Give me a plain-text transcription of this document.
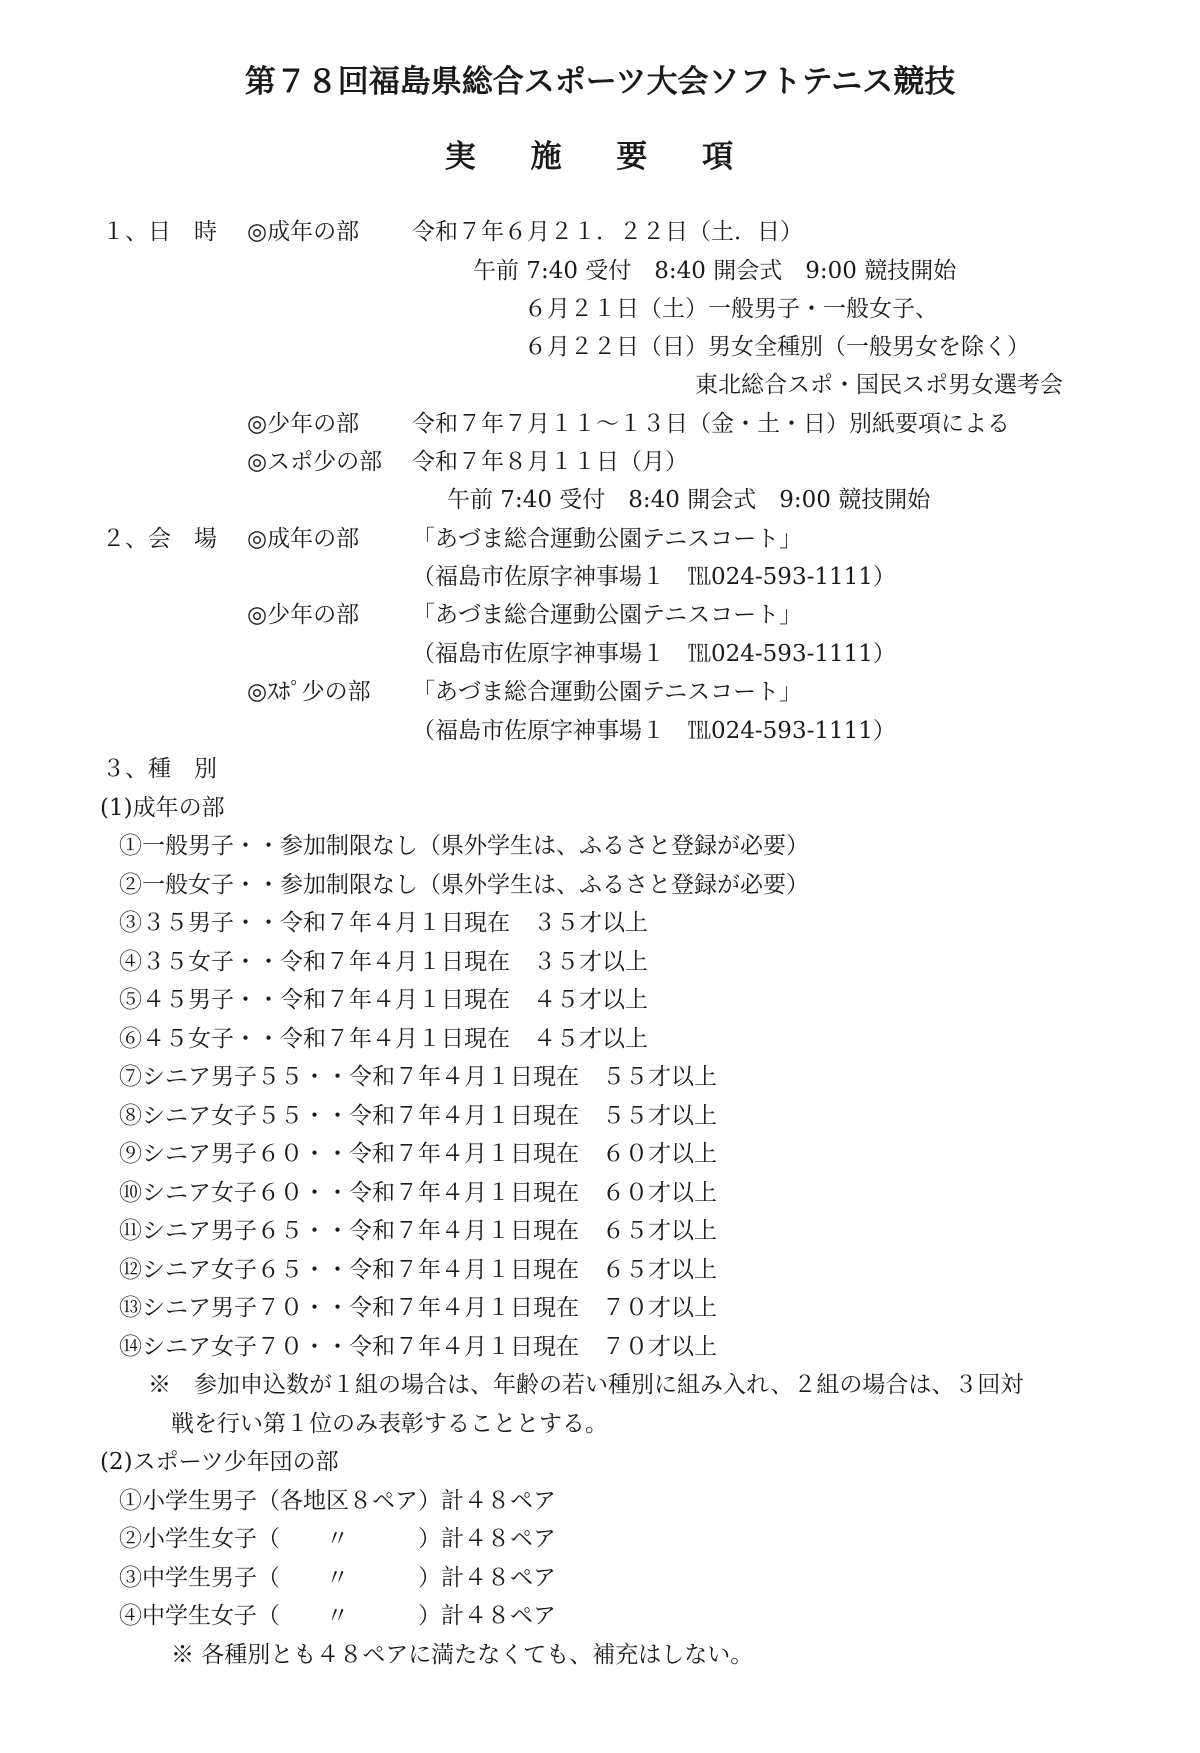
第７８回福島県総合スポーツ大会ソフトテニス競技
実 施 要 項
１、日　時 ◎成年の部 令和７年６月２１．２２日（土．日）
午前 7:40 受付　8:40 開会式　9:00 競技開始
６月２１日（土）一般男子・一般女子、
６月２２日（日）男女全種別（一般男女を除く）
東北総合スポ・国民スポ男女選考会
◎少年の部 令和７年７月１１～１３日（金・土・日）別紙要項による
◎スポ少の部 令和７年８月１１日（月）
午前 7:40 受付　8:40 開会式　9:00 競技開始
２、会　場 ◎成年の部 「あづま総合運動公園テニスコート」
（福島市佐原字神事場１　℡024-593-1111）
◎少年の部 「あづま総合運動公園テニスコート」
（福島市佐原字神事場１　℡024-593-1111）
◎ｽﾎﾟ少の部 「あづま総合運動公園テニスコート」
（福島市佐原字神事場１　℡024-593-1111）
３、種　別
(1)成年の部
①一般男子・・参加制限なし（県外学生は、ふるさと登録が必要）
②一般女子・・参加制限なし（県外学生は、ふるさと登録が必要）
③３５男子・・令和７年４月１日現在　３５才以上
④３５女子・・令和７年４月１日現在　３５才以上
⑤４５男子・・令和７年４月１日現在　４５才以上
⑥４５女子・・令和７年４月１日現在　４５才以上
⑦シニア男子５５・・令和７年４月１日現在　５５才以上
⑧シニア女子５５・・令和７年４月１日現在　５５才以上
⑨シニア男子６０・・令和７年４月１日現在　６０才以上
⑩シニア女子６０・・令和７年４月１日現在　６０才以上
⑪シニア男子６５・・令和７年４月１日現在　６５才以上
⑫シニア女子６５・・令和７年４月１日現在　６５才以上
⑬シニア男子７０・・令和７年４月１日現在　７０才以上
⑭シニア女子７０・・令和７年４月１日現在　７０才以上
※　参加申込数が１組の場合は、年齢の若い種別に組み入れ、２組の場合は、３回対
戦を行い第１位のみ表彰することとする。
(2)スポーツ少年団の部
①小学生男子（各地区８ペア）計４８ペア
②小学生女子（　　〃　　　）計４８ペア
③中学生男子（　　〃　　　）計４８ペア
④中学生女子（　　〃　　　）計４８ペア
※ 各種別とも４８ペアに満たなくても、補充はしない。
